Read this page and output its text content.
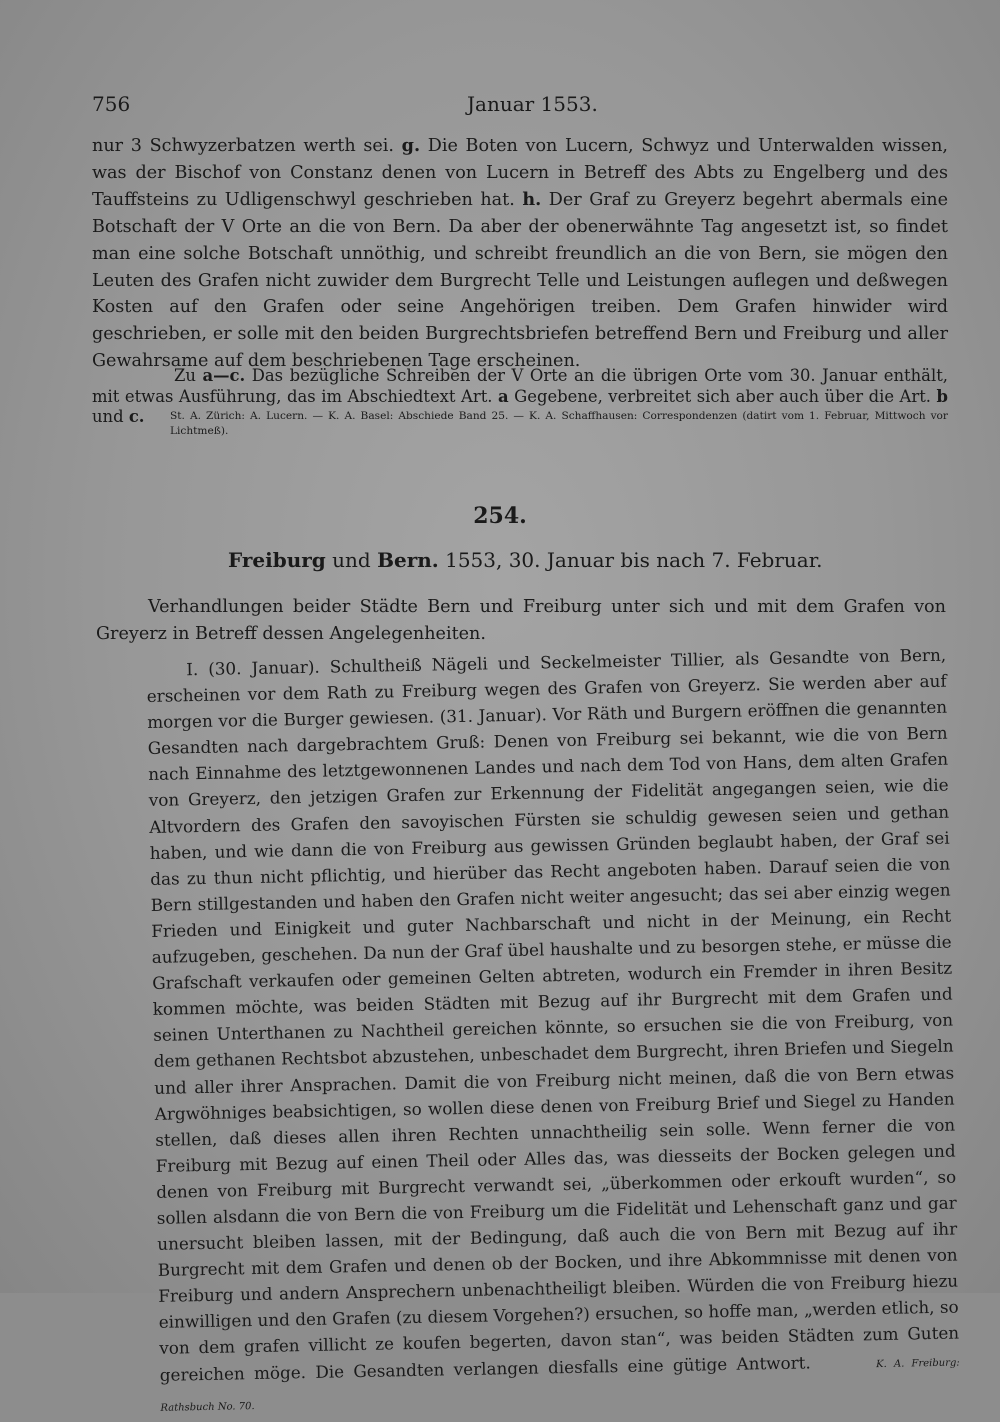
756	Januar 1553.

nur 3 Schwyzerbatzen werth sei. g. Die Boten von Lucern, Schwyz und Unterwalden wissen, was der Bischof von Constanz denen von Lucern in Betreff des Abts zu Engelberg und des Tauffsteins zu Udligenschwyl geschrieben hat. h. Der Graf zu Greyerz begehrt abermals eine Botschaft der V Orte an die von Bern. Da aber der obenerwähnte Tag angesetzt ist, so findet man eine solche Botschaft unnöthig, und schreibt freundlich an die von Bern, sie mögen den Leuten des Grafen nicht zuwider dem Burgrecht Telle und Leistungen auflegen und deßwegen Kosten auf den Grafen oder seine Angehörigen treiben. Dem Grafen hinwider wird geschrieben, er solle mit den beiden Burgrechtsbriefen betreffend Bern und Freiburg und aller Gewahrsame auf dem beschriebenen Tage erscheinen.

Zu a—c. Das bezügliche Schreiben der V Orte an die übrigen Orte vom 30. Januar enthält, mit etwas Ausführung, das im Abschiedtext Art. a Gegebene, verbreitet sich aber auch über die Art. b und c.	St. A. Zürich: A. Lucern. — K. A. Basel: Abschiede Band 25. — K. A. Schaffhausen: Correspondenzen (datirt vom 1. Februar, Mittwoch vor Lichtmeß).

254.
Freiburg und Bern. 1553, 30. Januar bis nach 7. Februar.
Verhandlungen beider Städte Bern und Freiburg unter sich und mit dem Grafen von Greyerz in Betreff dessen Angelegenheiten.

I. (30. Januar). Schultheiß Nägeli und Seckelmeister Tillier, als Gesandte von Bern, erscheinen vor dem Rath zu Freiburg wegen des Grafen von Greyerz. Sie werden aber auf morgen vor die Burger gewiesen. (31. Januar). Vor Räth und Burgern eröffnen die genannten Gesandten nach dargebrachtem Gruß: Denen von Freiburg sei bekannt, wie die von Bern nach Einnahme des letztgewonnenen Landes und nach dem Tod von Hans, dem alten Grafen von Greyerz, den jetzigen Grafen zur Erkennung der Fidelität angegangen seien, wie die Altvordern des Grafen den savoyischen Fürsten sie schuldig gewesen seien und gethan haben, und wie dann die von Freiburg aus gewissen Gründen beglaubt haben, der Graf sei das zu thun nicht pflichtig, und hierüber das Recht angeboten haben. Darauf seien die von Bern stillgestanden und haben den Grafen nicht weiter angesucht; das sei aber einzig wegen Frieden und Einigkeit und guter Nachbarschaft und nicht in der Meinung, ein Recht aufzugeben, geschehen. Da nun der Graf übel haushalte und zu besorgen stehe, er müsse die Grafschaft verkaufen oder gemeinen Gelten abtreten, wodurch ein Fremder in ihren Besitz kommen möchte, was beiden Städten mit Bezug auf ihr Burgrecht mit dem Grafen und seinen Unterthanen zu Nachtheil gereichen könnte, so ersuchen sie die von Freiburg, von dem gethanen Rechtsbot abzustehen, unbeschadet dem Burgrecht, ihren Briefen und Siegeln und aller ihrer Ansprachen. Damit die von Freiburg nicht meinen, daß die von Bern etwas Argwöhniges beabsichtigen, so wollen diese denen von Freiburg Brief und Siegel zu Handen stellen, daß dieses allen ihren Rechten unnachtheilig sein solle. Wenn ferner die von Freiburg mit Bezug auf einen Theil oder Alles das, was diesseits der Bocken gelegen und denen von Freiburg mit Burgrecht verwandt sei, „überkommen oder erkouft wurden“, so sollen alsdann die von Bern die von Freiburg um die Fidelität und Lehenschaft ganz und gar unersucht bleiben lassen, mit der Bedingung, daß auch die von Bern mit Bezug auf ihr Burgrecht mit dem Grafen und denen ob der Bocken, und ihre Abkommnisse mit denen von Freiburg und andern Ansprechern unbenachtheiligt bleiben. Würden die von Freiburg hiezu einwilligen und den Grafen (zu diesem Vorgehen?) ersuchen, so hoffe man, „werden etlich, so von dem grafen villicht ze koufen begerten, davon stan“, was beiden Städten zum Guten gereichen möge. Die Gesandten verlangen diesfalls eine gütige Antwort.	K. A. Freiburg: Rathsbuch No. 70.
